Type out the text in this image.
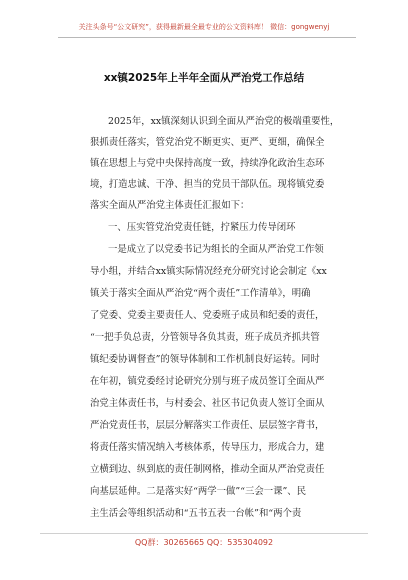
关注头条号“公文研究”，获得最新最全最专业的公文资料库！ 微信：gongwenyj
xx镇2025年上半年全面从严治党工作总结
2025年，xx镇深刻认识到全面从严治党的极端重要性，
狠抓责任落实，管党治党不断更实、更严、更细，确保全
镇在思想上与党中央保持高度一致，持续净化政治生态环
境，打造忠诚、干净、担当的党员干部队伍。现将镇党委
落实全面从严治党主体责任汇报如下：
一、压实管党治党责任链，拧紧压力传导闭环
一是成立了以党委书记为组长的全面从严治党工作领
导小组，并结合xx镇实际情况经充分研究讨论会制定《xx
镇关于落实全面从严治党“两个责任”工作清单》，明确
了党委、党委主要责任人、党委班子成员和纪委的责任，
“一把手负总责，分管领导各负其责，班子成员齐抓共管
镇纪委协调督查”的领导体制和工作机制良好运转。同时
在年初，镇党委经讨论研究分别与班子成员签订全面从严
治党主体责任书，与村委会、社区书记负责人签订全面从
严治党责任书，层层分解落实工作责任、层层签字背书，
将责任落实情况纳入考核体系，传导压力，形成合力，建
立横到边、纵到底的责任制网格，推动全面从严治党责任
向基层延伸。二是落实好“两学一做”“三会一课”、民
主生活会等组织活动和“五书五表一台帐”和“两个责
QQ群：30265665 QQ：535304092
